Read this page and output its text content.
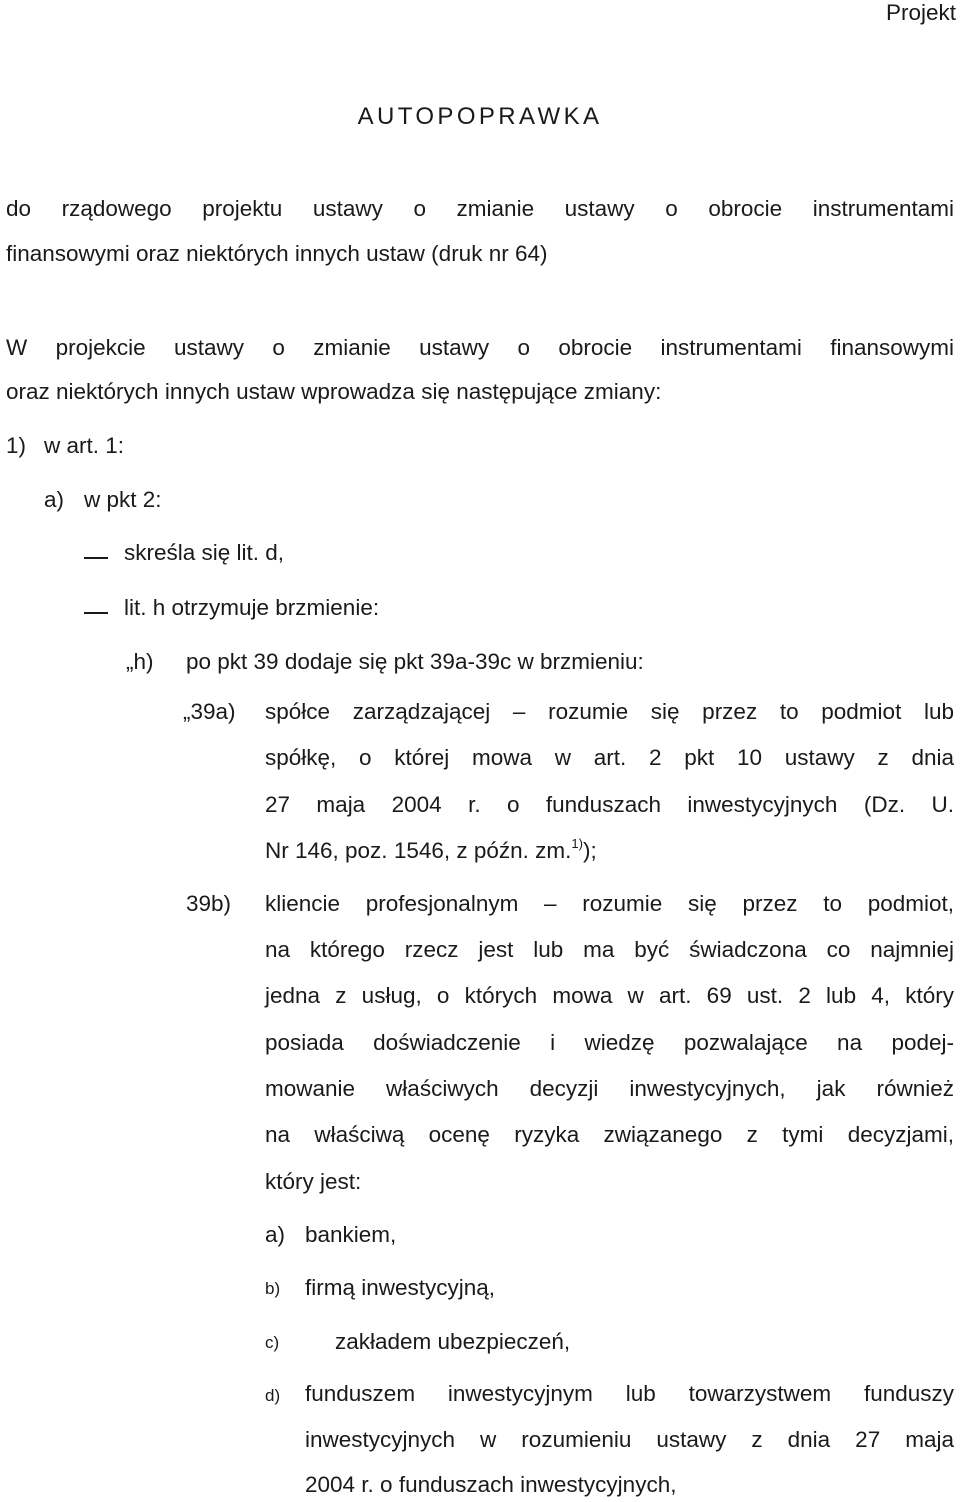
Projekt
AUTOPOPRAWKA
do rządowego projektu ustawy o zmianie ustawy o obrocie instrumentami
finansowymi oraz niektórych innych ustaw (druk nr 64)
W projekcie ustawy o zmianie ustawy o obrocie instrumentami finansowymi
oraz niektórych innych ustaw wprowadza się następujące zmiany:
1) w art. 1:
a) w pkt 2:
skreśla się lit. d,
lit. h otrzymuje brzmienie:
„h) po pkt 39 dodaje się pkt 39a-39c w brzmieniu:
„39a) spółce zarządzającej – rozumie się przez to podmiot lub
spółkę, o której mowa w art. 2 pkt 10 ustawy z dnia
27 maja 2004 r. o funduszach inwestycyjnych (Dz. U.
Nr 146, poz. 1546, z późn. zm.$^{1)}$);
39b) kliencie profesjonalnym – rozumie się przez to podmiot,
na którego rzecz jest lub ma być świadczona co najmniej
jedna z usług, o których mowa w art. 69 ust. 2 lub 4, który
posiada doświadczenie i wiedzę pozwalające na podej-
mowanie właściwych decyzji inwestycyjnych, jak również
na właściwą ocenę ryzyka związanego z tymi decyzjami,
który jest:
a) bankiem,
b) firmą inwestycyjną,
c) zakładem ubezpieczeń,
d) funduszem inwestycyjnym lub towarzystwem funduszy
inwestycyjnych w rozumieniu ustawy z dnia 27 maja
2004 r. o funduszach inwestycyjnych,
